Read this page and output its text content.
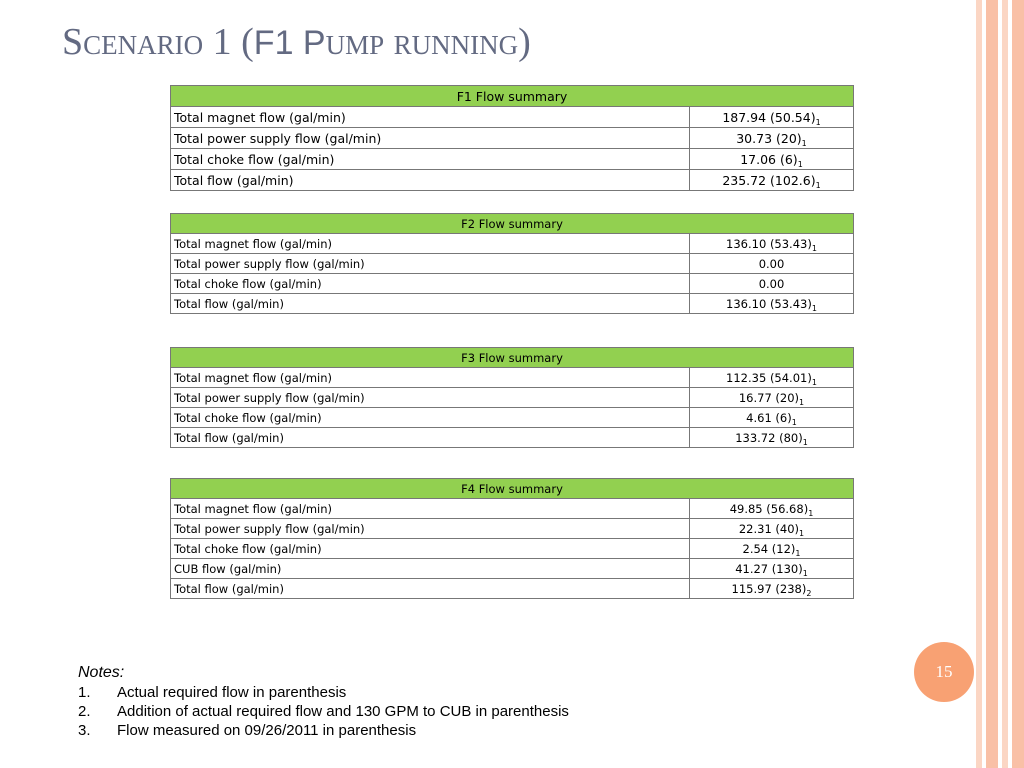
Scenario 1 (F1 Pump running)
F1 Flow summary	
Total magnet flow (gal/min)	187.94 $(50.54)_1$
Total power supply flow (gal/min)	30.73 $(20)_1$
Total choke flow (gal/min)	17.06 $(6)_1$
Total flow (gal/min)	235.72 $(102.6)_1$
F2 Flow summary	
Total magnet flow (gal/min)	136.10 $(53.43)_1$
Total power supply flow (gal/min)	0.00
Total choke flow (gal/min)	0.00
Total flow (gal/min)	136.10 $(53.43)_1$
F3 Flow summary	
Total magnet flow (gal/min)	112.35 $(54.01)_1$
Total power supply flow (gal/min)	16.77 $(20)_1$
Total choke flow (gal/min)	4.61 $(6)_1$
Total flow (gal/min)	133.72 $(80)_1$
F4 Flow summary	
Total magnet flow (gal/min)	49.85 $(56.68)_1$
Total power supply flow (gal/min)	22.31 $(40)_1$
Total choke flow (gal/min)	2.54 $(12)_1$
CUB flow (gal/min)	41.27 $(130)_1$
Total flow (gal/min)	115.97 $(238)_2$
15
Notes:
1. Actual required flow in parenthesis
2. Addition of actual required flow and 130 GPM to CUB in parenthesis
3. Flow measured on 09/26/2011 in parenthesis
